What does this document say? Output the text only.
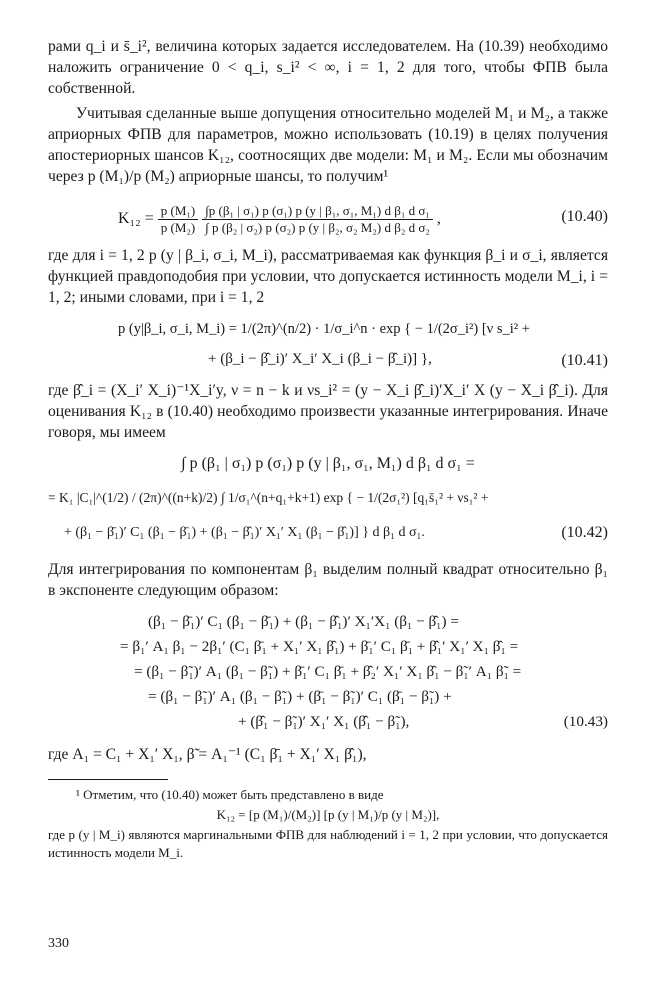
рами q_i и s̄_i², величина которых задается исследователем. На (10.39) необходимо наложить ограничение 0 < q_i, s_i² < ∞, i = 1, 2 для того, чтобы ФПВ была собственной.

Учитывая сделанные выше допущения относительно моделей M₁ и M₂, а также априорных ФПВ для параметров, можно использовать (10.19) в целях получения апостериорных шансов K₁₂, соотносящих две модели: M₁ и M₂. Если мы обозначим через p (M₁)/p (M₂) априорные шансы, то получим¹

$K_{12} = \frac{\text{p (M₁)}}{\text{p (M₂)}}$
$\frac{\text{∫p (β₁ | σ₁) p (σ₁) p (y | β₁, σ₁, M₁) d β₁ d σ₁}}{\text{∫ p (β₂ | σ₂) p (σ₂) p (y | β₂, σ₂ M₂) d β₂ d σ₂}}$ ,	(10.40)

где для i = 1, 2 p (y | β_i, σ_i, M_i), рассматриваемая как функция β_i и σ_i, является функцией правдоподобия при условии, что допускается истинность модели M_i, i = 1, 2; иными словами, при i = 1, 2

p (y|β_i, σ_i, M_i) = 1/(2π)^(n/2) · 1/σ_i^n · exp { − 1/(2σ_i²) [ν s_i² +
+ (β_i − β̂_i)′ X_i′ X_i (β_i − β̂_i)] },	(10.41)

где β̂_i = (X_i′ X_i)⁻¹X_i′y, ν = n − k и νs_i² = (y − X_i β̂_i)′X_i′ X (y − X_i β̂_i). Для оценивания K₁₂ в (10.40) необходимо произвести указанные интегрирования. Иначе говоря, мы имеем

∫ p (β₁ | σ₁) p (σ₁) p (y | β₁, σ₁, M₁) d β₁ d σ₁ =
= K₁ |C₁|^(1/2) / (2π)^((n+k)/2) ∫ 1/σ₁^(n+q₁+k+1) exp { − 1/(2σ₁²) [q₁s̄₁² + νs₁² +
+ (β₁ − β̄₁)′ C₁ (β₁ − β̄₁) + (β₁ − β̂₁)′ X₁′ X₁ (β₁ − β̂₁)] } d β₁ d σ₁.	(10.42)

Для интегрирования по компонентам β₁ выделим полный квадрат относительно β₁ в экспоненте следующим образом:

(β₁ − β̄₁)′ C₁ (β₁ − β̄₁) + (β₁ − β̂₁)′ X₁′X₁ (β₁ − β̂₁) =
= β₁′ A₁ β₁ − 2β₁′ (C₁ β̄₁ + X₁′ X₁ β̂₁) + β̄₁′ C₁ β̄₁ + β̂₁′ X₁′ X₁ β̂₁ =
= (β₁ − β̃₁)′ A₁ (β₁ − β̃₁) + β̄₁′ C₁ β̄₁ + β̂₂′ X₁′ X₁ β̂₁ − β̃₁′ A₁ β̃₁ =
= (β₁ − β̃₁)′ A₁ (β₁ − β̃₁) + (β̄₁ − β̃₁)′ C₁ (β̄₁ − β̃₁) +
+ (β̂₁ − β̃₁)′ X₁′ X₁ (β̂₁ − β̃₁),	(10.43)

где A₁ = C₁ + X₁′ X₁, β̃ = A₁⁻¹ (C₁ β̄₁ + X₁′ X₁ β̂₁),

¹ Отметим, что (10.40) может быть представлено в виде

K₁₂ = [p (M₁)/(M₂)] [p (y | M₁)/p (y | M₂)],

где p (y | M_i) являются маргинальными ФПВ для наблюдений i = 1, 2 при условии, что допускается истинность модели M_i.

330
